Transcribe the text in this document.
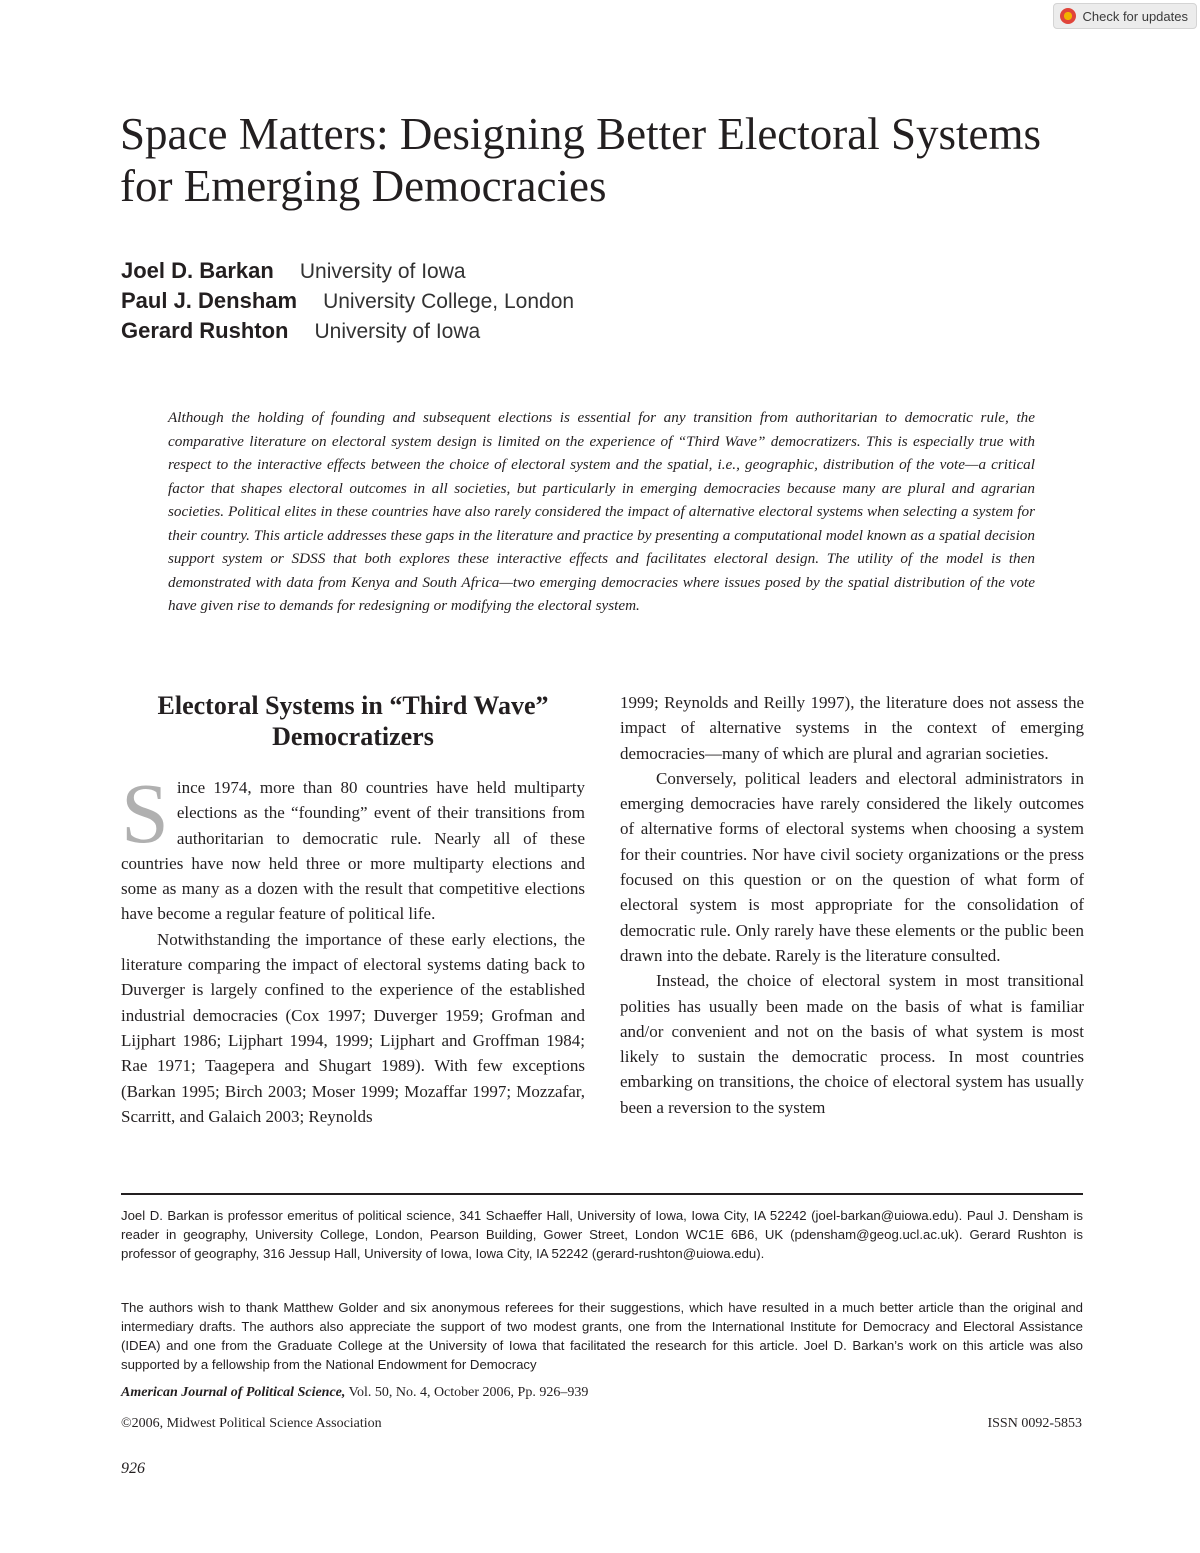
Check for updates
Space Matters: Designing Better Electoral Systems for Emerging Democracies
Joel D. Barkan University of Iowa
Paul J. Densham University College, London
Gerard Rushton University of Iowa

Although the holding of founding and subsequent elections is essential for any transition from authoritarian to democratic rule, the comparative literature on electoral system design is limited on the experience of “Third Wave” democratizers. This is especially true with respect to the interactive effects between the choice of electoral system and the spatial, i.e., geographic, distribution of the vote—a critical factor that shapes electoral outcomes in all societies, but particularly in emerging democracies because many are plural and agrarian societies. Political elites in these countries have also rarely considered the impact of alternative electoral systems when selecting a system for their country. This article addresses these gaps in the literature and practice by presenting a computational model known as a spatial decision support system or SDSS that both explores these interactive effects and facilitates electoral design. The utility of the model is then demonstrated with data from Kenya and South Africa—two emerging democracies where issues posed by the spatial distribution of the vote have given rise to demands for redesigning or modifying the electoral system.

Electoral Systems in “Third Wave” Democratizers

Since 1974, more than 80 countries have held multiparty elections as the “founding” event of their transitions from authoritarian to democratic rule. Nearly all of these countries have now held three or more multiparty elections and some as many as a dozen with the result that competitive elections have become a regular feature of political life.

Notwithstanding the importance of these early elections, the literature comparing the impact of electoral systems dating back to Duverger is largely confined to the experience of the established industrial democracies (Cox 1997; Duverger 1959; Grofman and Lijphart 1986; Lijphart 1994, 1999; Lijphart and Groffman 1984; Rae 1971; Taagepera and Shugart 1989). With few exceptions (Barkan 1995; Birch 2003; Moser 1999; Mozaffar 1997; Mozzafar, Scarritt, and Galaich 2003; Reynolds

1999; Reynolds and Reilly 1997), the literature does not assess the impact of alternative systems in the context of emerging democracies—many of which are plural and agrarian societies.

Conversely, political leaders and electoral administrators in emerging democracies have rarely considered the likely outcomes of alternative forms of electoral systems when choosing a system for their countries. Nor have civil society organizations or the press focused on this question or on the question of what form of electoral system is most appropriate for the consolidation of democratic rule. Only rarely have these elements or the public been drawn into the debate. Rarely is the literature consulted.

Instead, the choice of electoral system in most transitional polities has usually been made on the basis of what is familiar and/or convenient and not on the basis of what system is most likely to sustain the democratic process. In most countries embarking on transitions, the choice of electoral system has usually been a reversion to the system

Joel D. Barkan is professor emeritus of political science, 341 Schaeffer Hall, University of Iowa, Iowa City, IA 52242 (joel-barkan@uiowa.edu). Paul J. Densham is reader in geography, University College, London, Pearson Building, Gower Street, London WC1E 6B6, UK (pdensham@geog.ucl.ac.uk). Gerard Rushton is professor of geography, 316 Jessup Hall, University of Iowa, Iowa City, IA 52242 (gerard-rushton@uiowa.edu).

The authors wish to thank Matthew Golder and six anonymous referees for their suggestions, which have resulted in a much better article than the original and intermediary drafts. The authors also appreciate the support of two modest grants, one from the International Institute for Democracy and Electoral Assistance (IDEA) and one from the Graduate College at the University of Iowa that facilitated the research for this article. Joel D. Barkan’s work on this article was also supported by a fellowship from the National Endowment for Democracy

American Journal of Political Science, Vol. 50, No. 4, October 2006, Pp. 926–939
©2006, Midwest Political Science Association	ISSN 0092-5853
926
